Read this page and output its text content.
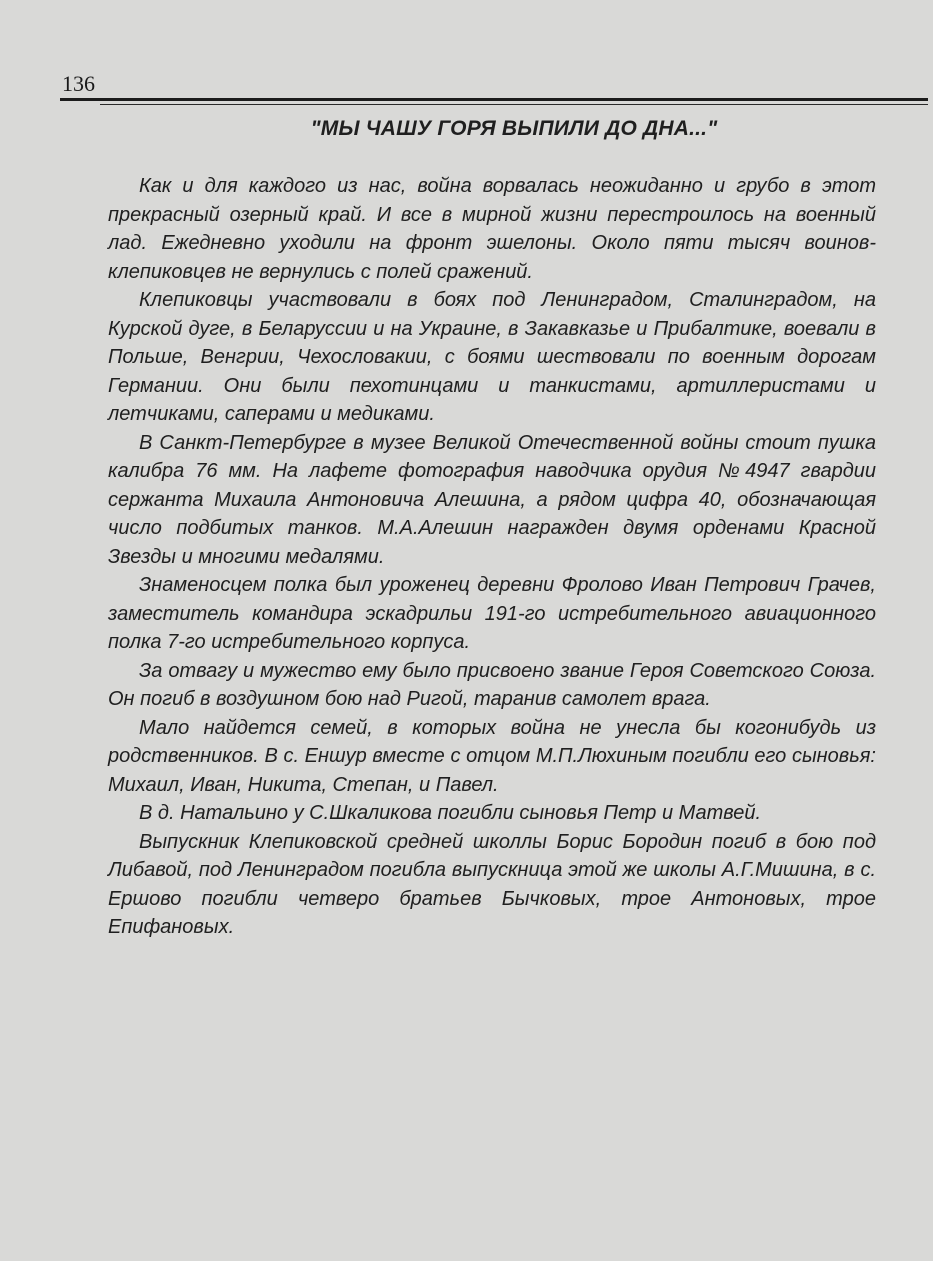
136
"МЫ ЧАШУ ГОРЯ ВЫПИЛИ ДО ДНА..."

Как и для каждого из нас, война ворвалась неожиданно и грубо в этот прекрасный озерный край. И все в мирной жизни перестроилось на военный лад. Ежедневно уходили на фронт эшелоны. Около пяти тысяч воинов-клепиковцев не вернулись с полей сражений.

Клепиковцы участвовали в боях под Ленинградом, Сталинградом, на Курской дуге, в Беларуссии и на Украине, в Закавказье и Прибалтике, воевали в Польше, Венгрии, Чехословакии, с боями шествовали по военным дорогам Германии. Они были пехотинцами и танкистами, артиллеристами и летчиками, саперами и медиками.

В Санкт-Петербурге в музее Великой Отечественной войны стоит пушка калибра 76 мм. На лафете фотография наводчика орудия №4947 гвардии сержанта Михаила Антоновича Алешина, а рядом цифра 40, обозначающая число подбитых танков. М.А.Алешин награжден двумя орденами Красной Звезды и многими медалями.

Знаменосцем полка был уроженец деревни Фролово Иван Петрович Грачев, заместитель командира эскадрильи 191-го истребительного авиационного полка 7-го истребительного корпуса.

За отвагу и мужество ему было присвоено звание Героя Советского Союза. Он погиб в воздушном бою над Ригой, таранив самолет врага.

Мало найдется семей, в которых война не унесла бы когонибудь из родственников. В с. Еншур вместе с отцом М.П.Люхиным погибли его сыновья: Михаил, Иван, Никита, Степан, и Павел.

В д. Натальино у С.Шкаликова погибли сыновья Петр и Матвей.

Выпускник Клепиковской средней школлы Борис Бородин погиб в бою под Либавой, под Ленинградом погибла выпускница этой же школы А.Г.Мишина, в с. Ершово погибли четверо братьев Бычковых, трое Антоновых, трое Епифановых.
